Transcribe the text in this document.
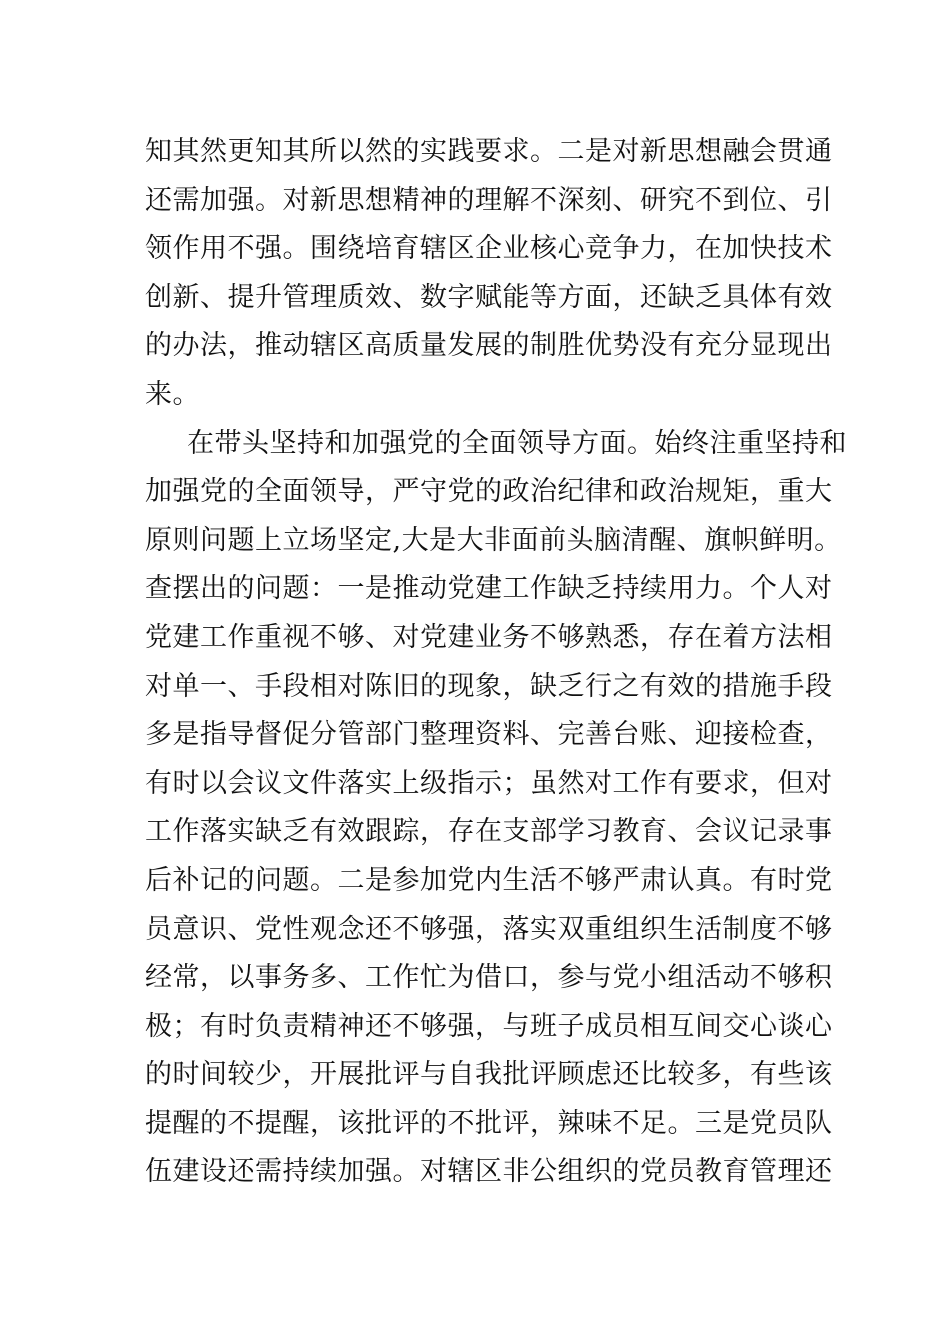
知其然更知其所以然的实践要求。二是对新思想融会贯通
还需加强。对新思想精神的理解不深刻、研究不到位、引
领作用不强。围绕培育辖区企业核心竞争力，在加快技术
创新、提升管理质效、数字赋能等方面，还缺乏具体有效
的办法，推动辖区高质量发展的制胜优势没有充分显现出
来。
在带头坚持和加强党的全面领导方面。始终注重坚持和
加强党的全面领导，严守党的政治纪律和政治规矩，重大
原则问题上立场坚定,大是大非面前头脑清醒、旗帜鲜明。
查摆出的问题：一是推动党建工作缺乏持续用力。个人对
党建工作重视不够、对党建业务不够熟悉，存在着方法相
对单一、手段相对陈旧的现象，缺乏行之有效的措施手段
多是指导督促分管部门整理资料、完善台账、迎接检查，
有时以会议文件落实上级指示；虽然对工作有要求，但对
工作落实缺乏有效跟踪，存在支部学习教育、会议记录事
后补记的问题。二是参加党内生活不够严肃认真。有时党
员意识、党性观念还不够强，落实双重组织生活制度不够
经常，以事务多、工作忙为借口，参与党小组活动不够积
极；有时负责精神还不够强，与班子成员相互间交心谈心
的时间较少，开展批评与自我批评顾虑还比较多，有些该
提醒的不提醒，该批评的不批评，辣味不足。三是党员队
伍建设还需持续加强。对辖区非公组织的党员教育管理还
